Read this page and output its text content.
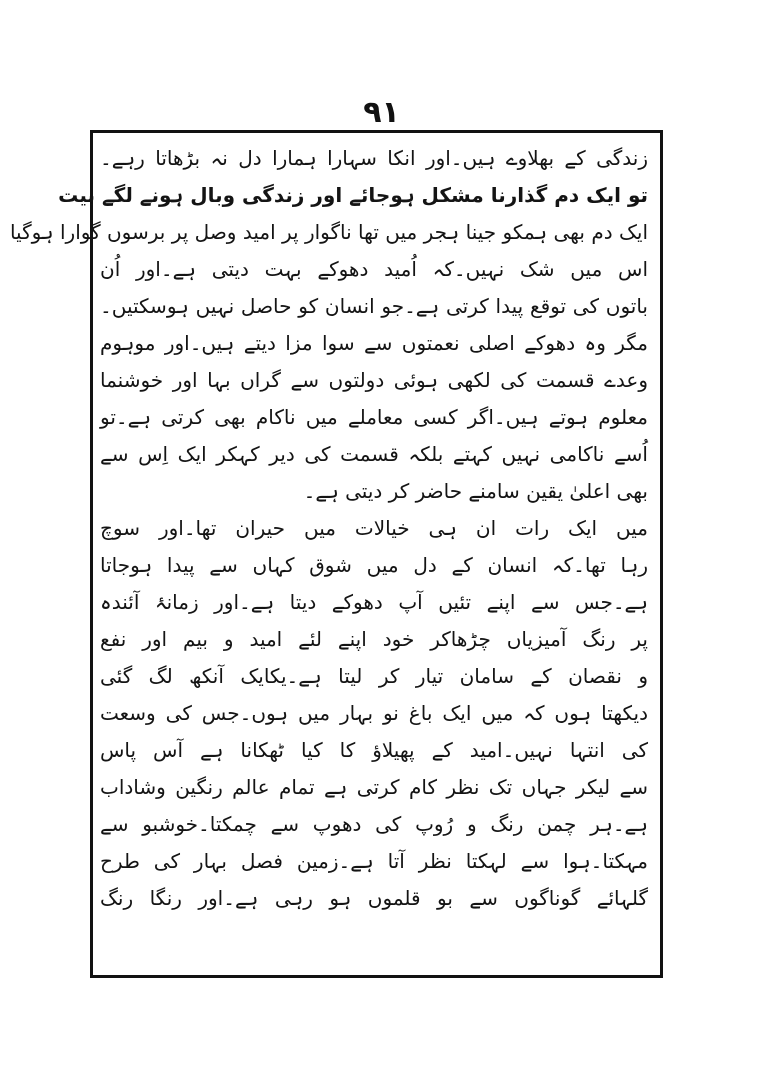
۹۱
زندگی کے بھلاوے ہیں۔اور انکا سہارا ہمارا دل نہ بڑھاتا رہے۔
تو ایک دم گذارنا مشکل ہوجائے اور زندگی وبال ہونے لگے بیت
ایک دم بھی ہمکو جینا ہجر میں تھا ناگوار پر امید وصل پر برسوں گوارا ہوگیا
اس میں شک نہیں۔کہ اُمید دھوکے بہت دیتی ہے۔اور اُن
باتوں کی توقع پیدا کرتی ہے۔جو انسان کو حاصل نہیں ہوسکتیں۔
مگر وہ دھوکے اصلی نعمتوں سے سوا مزا دیتے ہیں۔اور موہوم
وعدے قسمت کی لکھی ہوئی دولتوں سے گراں بہا اور خوشنما
معلوم ہوتے ہیں۔اگر کسی معاملے میں ناکام بھی کرتی ہے۔تو
اُسے ناکامی نہیں کہتے بلکہ قسمت کی دیر کہکر ایک اِس سے
بھی اعلیٰ یقین سامنے حاضر کر دیتی ہے۔
میں ایک رات ان ہی خیالات میں حیران تھا۔اور سوچ
رہا تھا۔کہ انسان کے دل میں شوق کہاں سے پیدا ہوجاتا
ہے۔جس سے اپنے تئیں آپ دھوکے دیتا ہے۔اور زمانۂ آئندہ
پر رنگ آمیزیاں چڑھاکر خود اپنے لئے امید و بیم اور نفع
و نقصان کے سامان تیار کر لیتا ہے۔یکایک آنکھ لگ گئی
دیکھتا ہوں کہ میں ایک باغ نو بہار میں ہوں۔جس کی وسعت
کی انتہا نہیں۔امید کے پھیلاؤ کا کیا ٹھکانا ہے آس پاس
سے لیکر جہاں تک نظر کام کرتی ہے تمام عالم رنگین وشاداب
ہے۔ہر چمن رنگ و رُوپ کی دھوپ سے چمکتا۔خوشبو سے
مہکتا۔ہوا سے لہکتا نظر آتا ہے۔زمین فصل بہار کی طرح
گلہائے گوناگوں سے بو قلموں ہو رہی ہے۔اور رنگا رنگ
